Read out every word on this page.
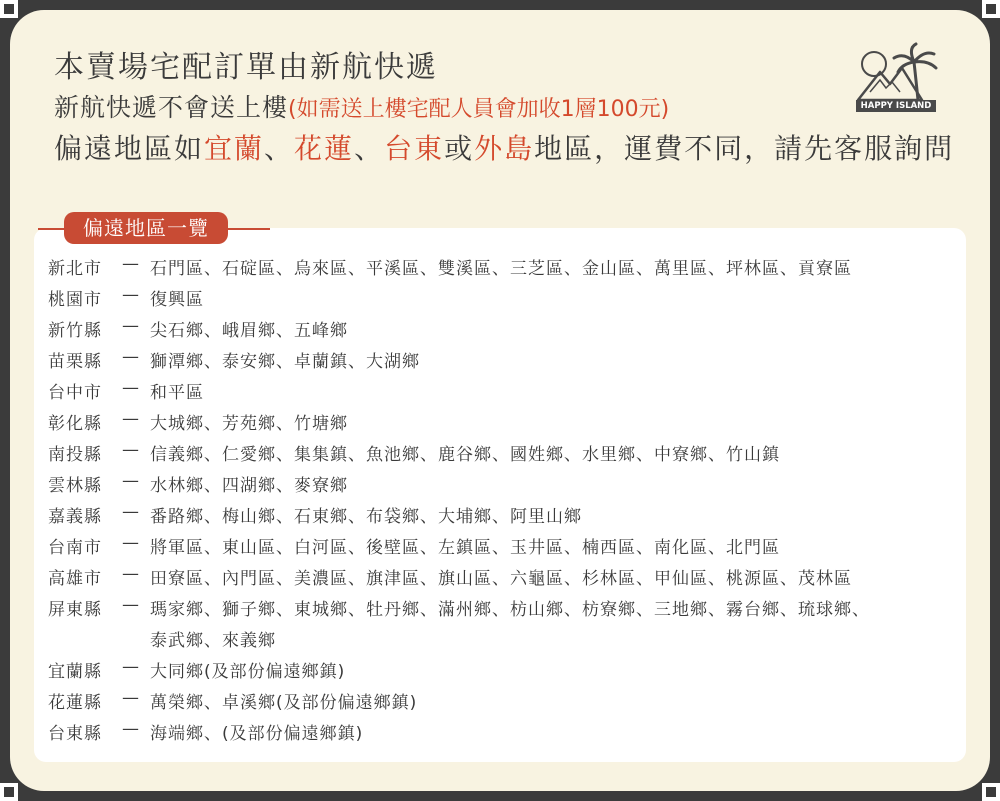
本賣場宅配訂單由新航快遞
新航快遞不會送上樓(如需送上樓宅配人員會加收1層100元)
偏遠地區如宜蘭、花蓮、台東或外島地區，運費不同，請先客服詢問
HAPPY ISLAND
偏遠地區一覽
新北市	— 石門區、石碇區、烏來區、平溪區、雙溪區、三芝區、金山區、萬里區、坪林區、貢寮區
桃園市	— 復興區
新竹縣	— 尖石鄉、峨眉鄉、五峰鄉
苗栗縣	— 獅潭鄉、泰安鄉、卓蘭鎮、大湖鄉
台中市	— 和平區
彰化縣	— 大城鄉、芳苑鄉、竹塘鄉
南投縣	— 信義鄉、仁愛鄉、集集鎮、魚池鄉、鹿谷鄉、國姓鄉、水里鄉、中寮鄉、竹山鎮
雲林縣	— 水林鄉、四湖鄉、麥寮鄉
嘉義縣	— 番路鄉、梅山鄉、石東鄉、布袋鄉、大埔鄉、阿里山鄉
台南市	— 將軍區、東山區、白河區、後壁區、左鎮區、玉井區、楠西區、南化區、北門區
高雄市	— 田寮區、內門區、美濃區、旗津區、旗山區、六龜區、杉林區、甲仙區、桃源區、茂林區
屏東縣	— 瑪家鄉、獅子鄉、東城鄉、牡丹鄉、滿州鄉、枋山鄉、枋寮鄉、三地鄉、霧台鄉、琉球鄉、
泰武鄉、來義鄉
宜蘭縣	— 大同鄉(及部份偏遠鄉鎮)
花蓮縣	— 萬榮鄉、卓溪鄉(及部份偏遠鄉鎮)
台東縣	— 海端鄉、(及部份偏遠鄉鎮)
